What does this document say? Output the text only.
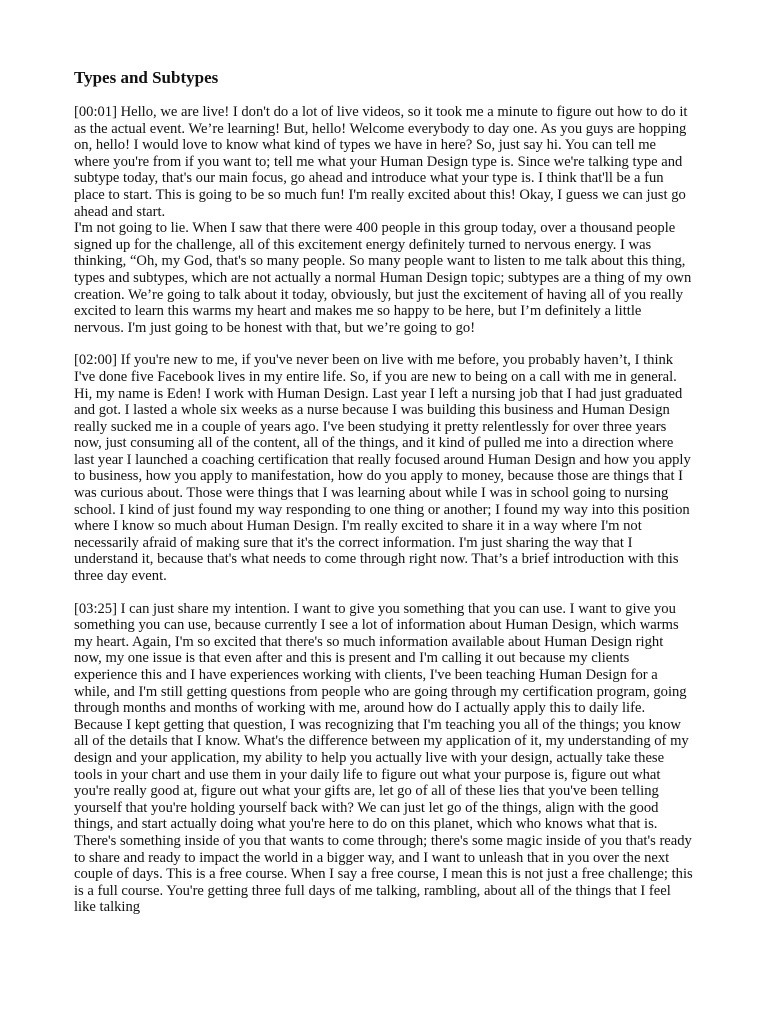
Types and Subtypes

[00:01] Hello, we are live! I don't do a lot of live videos, so it took me a minute to figure out how to do it as the actual event. We’re learning! But, hello! Welcome everybody to day one. As you guys are hopping on, hello! I would love to know what kind of types we have in here? So, just say hi. You can tell me where you're from if you want to; tell me what your Human Design type is. Since we're talking type and subtype today, that's our main focus, go ahead and introduce what your type is. I think that'll be a fun place to start. This is going to be so much fun! I'm really excited about this! Okay, I guess we can just go ahead and start.

I'm not going to lie. When I saw that there were 400 people in this group today, over a thousand people signed up for the challenge, all of this excitement energy definitely turned to nervous energy. I was thinking, “Oh, my God, that's so many people. So many people want to listen to me talk about this thing, types and subtypes, which are not actually a normal Human Design topic; subtypes are a thing of my own creation. We’re going to talk about it today, obviously, but just the excitement of having all of you really excited to learn this warms my heart and makes me so happy to be here, but I’m definitely a little nervous. I'm just going to be honest with that, but we’re going to go!

[02:00] If you're new to me, if you've never been on live with me before, you probably haven’t, I think I've done five Facebook lives in my entire life. So, if you are new to being on a call with me in general. Hi, my name is Eden! I work with Human Design. Last year I left a nursing job that I had just graduated and got. I lasted a whole six weeks as a nurse because I was building this business and Human Design really sucked me in a couple of years ago. I've been studying it pretty relentlessly for over three years now, just consuming all of the content, all of the things, and it kind of pulled me into a direction where last year I launched a coaching certification that really focused around Human Design and how you apply to business, how you apply to manifestation, how do you apply to money, because those are things that I was curious about. Those were things that I was learning about while I was in school going to nursing school. I kind of just found my way responding to one thing or another; I found my way into this position where I know so much about Human Design. I'm really excited to share it in a way where I'm not necessarily afraid of making sure that it's the correct information. I'm just sharing the way that I understand it, because that's what needs to come through right now. That’s a brief introduction with this three day event.

[03:25] I can just share my intention. I want to give you something that you can use. I want to give you something you can use, because currently I see a lot of information about Human Design, which warms my heart. Again, I'm so excited that there's so much information available about Human Design right now, my one issue is that even after and this is present and I'm calling it out because my clients experience this and I have experiences working with clients, I've been teaching Human Design for a while, and I'm still getting questions from people who are going through my certification program, going through months and months of working with me, around how do I actually apply this to daily life. Because I kept getting that question, I was recognizing that I'm teaching you all of the things; you know all of the details that I know. What's the difference between my application of it, my understanding of my design and your application, my ability to help you actually live with your design, actually take these tools in your chart and use them in your daily life to figure out what your purpose is, figure out what you're really good at, figure out what your gifts are, let go of all of these lies that you've been telling yourself that you're holding yourself back with? We can just let go of the things, align with the good things, and start actually doing what you're here to do on this planet, which who knows what that is. There's something inside of you that wants to come through; there's some magic inside of you that's ready to share and ready to impact the world in a bigger way, and I want to unleash that in you over the next couple of days. This is a free course. When I say a free course, I mean this is not just a free challenge; this is a full course. You're getting three full days of me talking, rambling, about all of the things that I feel like talking
